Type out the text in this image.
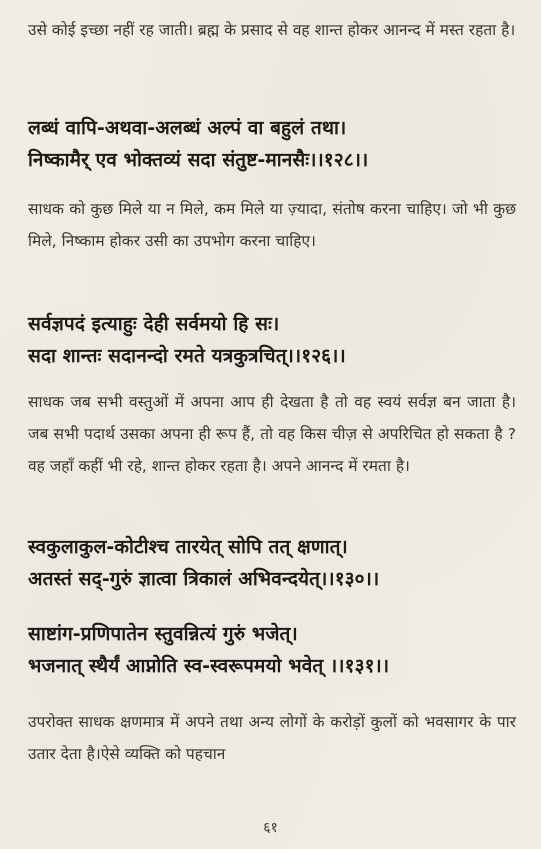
उसे कोई इच्छा नहीं रह जाती। ब्रह्म के प्रसाद से वह शान्त होकर आनन्द में मस्त रहता है।

लब्धं वापि-अथवा-अलब्धं अल्पं वा बहुलं तथा।
निष्कामैर् एव भोक्तव्यं सदा संतुष्ट-मानसैः।।१२८।।

साधक को कुछ मिले या न मिले, कम मिले या ज़्यादा, संतोष करना चाहिए। जो भी कुछ मिले, निष्काम होकर उसी का उपभोग करना चाहिए।

सर्वज्ञपदं इत्याहुः देही सर्वमयो हि सः।
सदा शान्तः सदानन्दो रमते यत्रकुत्रचित्।।१२६।।

साधक जब सभी वस्तुओं में अपना आप ही देखता है तो वह स्वयं सर्वज्ञ बन जाता है। जब सभी पदार्थ उसका अपना ही रूप हैं, तो वह किस चीज़ से अपरिचित हो सकता है ? वह जहाँ कहीं भी रहे, शान्त होकर रहता है। अपने आनन्द में रमता है।

स्वकुलाकुल-कोटीश्च तारयेत् सोपि तत् क्षणात्।
अतस्तं सद्-गुरुं ज्ञात्वा त्रिकालं अभिवन्दयेत्।।१३०।।
साष्टांग-प्रणिपातेन स्तुवन्नित्यं गुरुं भजेत्।
भजनात् स्थैर्यं आप्नोति स्व-स्वरूपमयो भवेत् ।।१३१।।

उपरोक्त साधक क्षणमात्र में अपने तथा अन्य लोगों के करोड़ों कुलों को भवसागर के पार उतार देता है।ऐसे व्यक्ति को पहचान

६१
